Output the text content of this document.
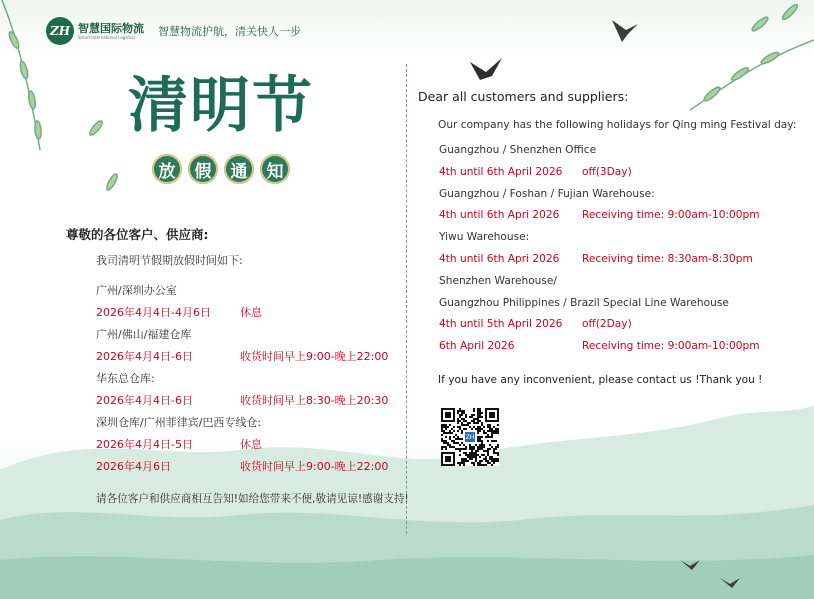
ZH 智慧国际物流
Smart International Logistics	智慧物流护航，清关快人一步
清明节
放	假	通	知
尊敬的各位客户、供应商:
我司清明节假期放假时间如下:
广州/深圳办公室
2026年4月4日-4月6日	休息
广州/佛山/福建仓库
2026年4月4日-6日	收货时间早上9:00-晚上22:00
华东总仓库:
2026年4月4日-6日	收货时间早上8:30-晚上20:30
深圳仓库/广州菲律宾/巴西专线仓:
2026年4月4日-5日	休息
2026年4月6日	收货时间早上9:00-晚上22:00
请各位客户和供应商相互告知!如给您带来不便,敬请见谅!感谢支持!
Dear all customers and suppliers:
Our company has the following holidays for Qing ming Festival day:
Guangzhou / Shenzhen Office
4th until 6th April 2026	off(3Day)
Guangzhou / Foshan / Fujian Warehouse:
4th until 6th Apri 2026	Receiving time: 9:00am-10:00pm
Yiwu Warehouse:
4th until 6th Apri 2026	Receiving time: 8:30am-8:30pm
Shenzhen Warehouse/
Guangzhou Philippines / Brazil Special Line Warehouse
4th until 5th April 2026	off(2Day)
6th April 2026	Receiving time: 9:00am-10:00pm
If you have any inconvenient, please contact us !Thank you !
ZH
